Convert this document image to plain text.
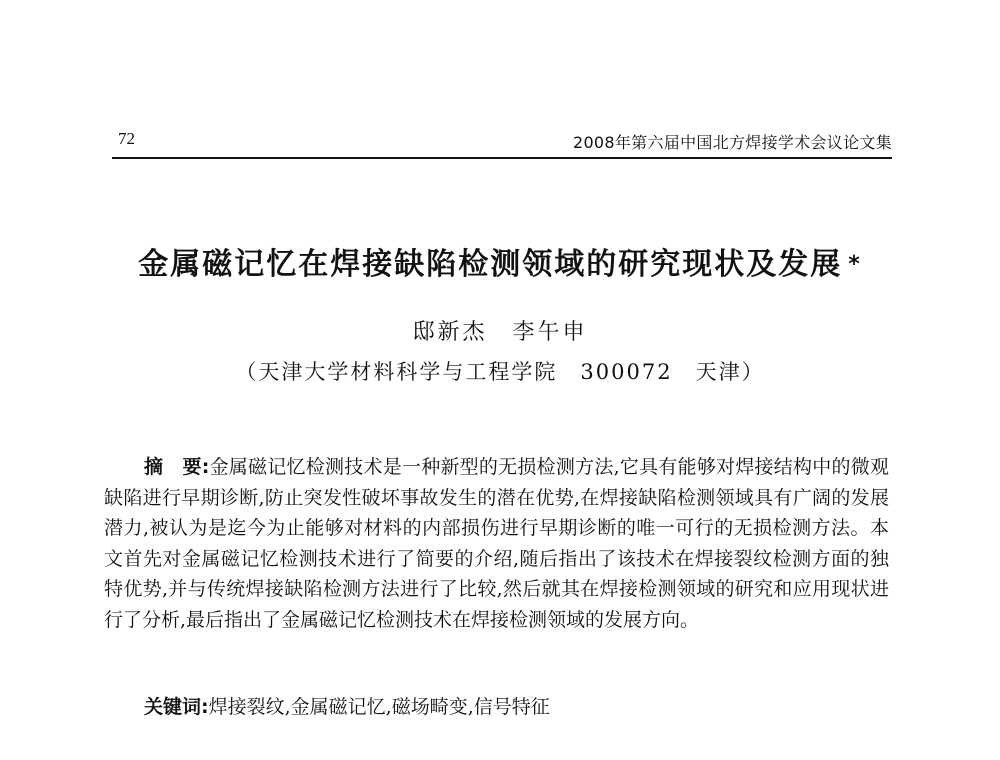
72	2008年第六届中国北方焊接学术会议论文集
金属磁记忆在焊接缺陷检测领域的研究现状及发展 *
邸新杰　李午申
（天津大学材料科学与工程学院　300072　天津）

摘　要:金属磁记忆检测技术是一种新型的无损检测方法,它具有能够对焊接结构中的微观缺陷进行早期诊断,防止突发性破坏事故发生的潜在优势,在焊接缺陷检测领域具有广阔的发展潜力,被认为是迄今为止能够对材料的内部损伤进行早期诊断的唯一可行的无损检测方法。本文首先对金属磁记忆检测技术进行了简要的介绍,随后指出了该技术在焊接裂纹检测方面的独特优势,并与传统焊接缺陷检测方法进行了比较,然后就其在焊接检测领域的研究和应用现状进行了分析,最后指出了金属磁记忆检测技术在焊接检测领域的发展方向。

关键词:焊接裂纹,金属磁记忆,磁场畸变,信号特征
